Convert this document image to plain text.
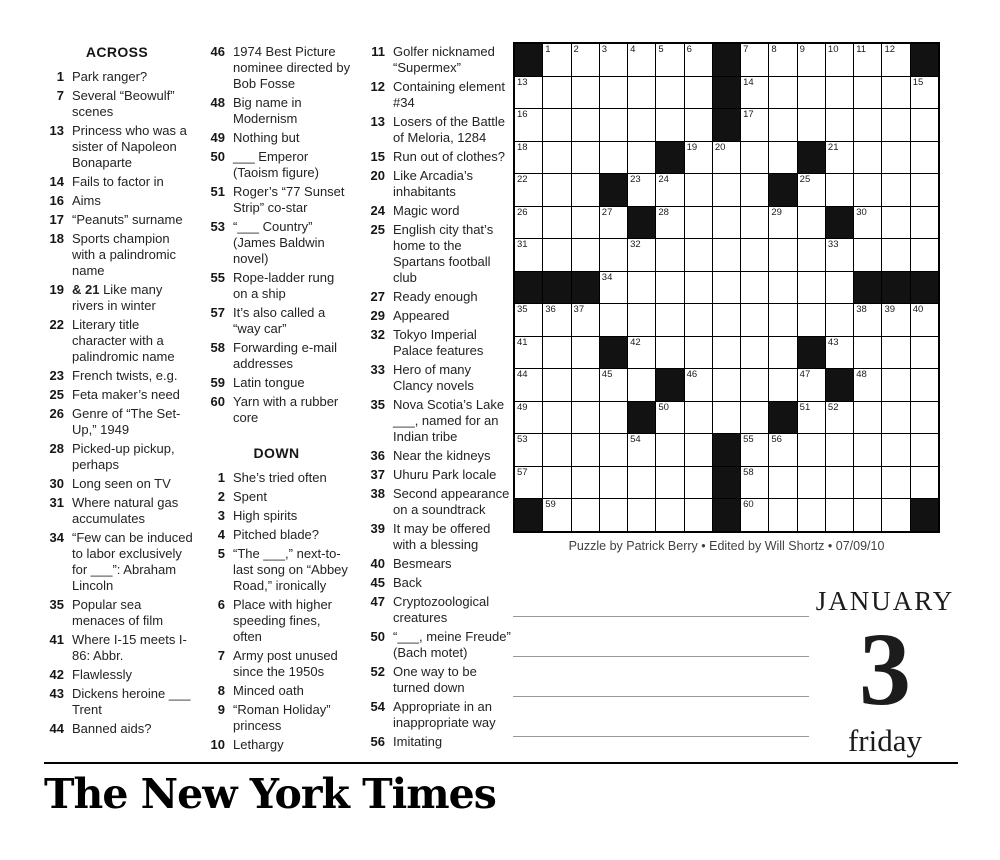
ACROSS
1 Park ranger?
7 Several “Beowulf” scenes
13 Princess who was a sister of Napoleon Bonaparte
14 Fails to factor in
16 Aims
17 “Peanuts” surname
18 Sports champion with a palindromic name
19 & 21 Like many rivers in winter
22 Literary title character with a palindromic name
23 French twists, e.g.
25 Feta maker’s need
26 Genre of “The Set-Up,” 1949
28 Picked-up pickup, perhaps
30 Long seen on TV
31 Where natural gas accumulates
34 “Few can be induced to labor exclusively for ___”: Abraham Lincoln
35 Popular sea menaces of film
41 Where I-15 meets I-86: Abbr.
42 Flawlessly
43 Dickens heroine ___ Trent
44 Banned aids?
46 1974 Best Picture nominee directed by Bob Fosse
48 Big name in Modernism
49 Nothing but
50 ___ Emperor (Taoism figure)
51 Roger’s “77 Sunset Strip” co-star
53 “___ Country” (James Baldwin novel)
55 Rope-ladder rung on a ship
57 It’s also called a “way car”
58 Forwarding e-mail addresses
59 Latin tongue
60 Yarn with a rubber core
DOWN
1 She’s tried often
2 Spent
3 High spirits
4 Pitched blade?
5 “The ___,” next-to-last song on “Abbey Road,” ironically
6 Place with higher speeding fines, often
7 Army post unused since the 1950s
8 Minced oath
9 “Roman Holiday” princess
10 Lethargy
11 Golfer nicknamed “Supermex”
12 Containing element #34
13 Losers of the Battle of Meloria, 1284
15 Run out of clothes?
20 Like Arcadia’s inhabitants
24 Magic word
25 English city that’s home to the Spartans football club
27 Ready enough
29 Appeared
32 Tokyo Imperial Palace features
33 Hero of many Clancy novels
35 Nova Scotia’s Lake ___, named for an Indian tribe
36 Near the kidneys
37 Uhuru Park locale
38 Second appearance on a soundtrack
39 It may be offered with a blessing
40 Besmears
45 Back
47 Cryptozoological creatures
50 “___, meine Freude” (Bach motet)
52 One way to be turned down
54 Appropriate in an inappropriate way
56 Imitating
1 2 3 4 5 6	7 8 9 10 11 12
13	14	15
16	17
18	19 20	21
22	23 24	25
26	27	28	29	30
31	32	33
34
35 36 37	38 39 40
41	42	43
44	45	46	47	48
49	50	51 52
53	54	55 56
57	58
59	60
Puzzle by Patrick Berry • Edited by Will Shortz • 07/09/10
JANUARY
3
friday
The New York Times
